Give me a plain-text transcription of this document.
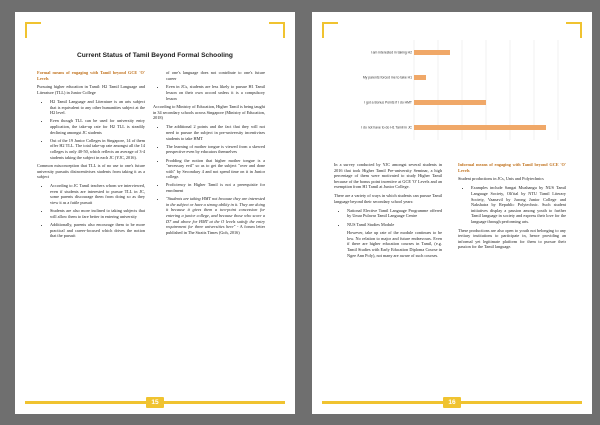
Current Status of Tamil Beyond Formal Schooling

Formal means of engaging with Tamil beyond GCE 'O' Levels

Pursuing higher education in Tamil: H2 Tamil Language and Literature (TLL) in Junior College

• H2 Tamil Language and Literature is an arts subject that is equivalent to any other humanities subject at the H2 level.
• Even though TLL can be used for university entry application, the take-up rate for H2 TLL is steadily declining amongst JC students
• Out of the 19 Junior Colleges in Singapore, 14 of them offer H2 TLL. The total take-up rate amongst all the 14 colleges is only 40-50, which reflects an average of 3-4 students taking the subject in each JC (YJC, 2016).

Common misconception that TLL is of no use to one's future university pursuits disincentivises students from taking it as a subject

• According to JC Tamil teachers whom we interviewed, even if students are interested to pursue TLL in JC, some parents discourage them from doing so as they view it as a futile pursuit
• Students are also more inclined to taking subjects that will allow them to fare better in entering university
• Additionally, parents also encourage them to be more practical and career-focused which drives the notion that the pursuit

of one's language does not contribute to one's future career

• Even in JCs, students are less likely to pursue H1 Tamil lesson on their own accord unless it is a compulsory lesson

According to Ministry of Education, Higher Tamil is being taught in 34 secondary schools across Singapore (Ministry of Education, 2018)

• The additional 2 points and the fact that they will not need to pursue the subject in pre-university incentivises students to take HMT
• The learning of mother tongue is viewed from a skewed perspective even by educators themselves
• Prodding the notion that higher mother tongue is a "necessary evil" so as to get the subject "over and done with" by Secondary 4 and not spend time on it in Junior college.
• Proficiency in Higher Tamil is not a prerequisite for enrolment
• "Students are taking HMT not because they are interested in the subject or have a strong ability in it. They are doing it because it gives them a two-point concession for entering a junior college, and because those who score a D7 and above for HMT at the O levels satisfy the entry requirement for three universities here" - A forum letter published in The Straits Times (Goh, 2016)
15
I am interested in taking H2
My parents forced me to take H1
I got a Bonus Points if I do HMT
I do not have to do H1 Tamil in JC

In a survey conducted by YJC amongst several students in 2016 that took Higher Tamil Pre-university Seminar, a high percentage of them were motivated to study Higher Tamil because of the bonus point incentive at GCE 'O' Levels and an exemption from H1 Tamil at Junior College.

There are a variety of ways in which students can pursue Tamil language beyond their secondary school years:

• National Elective Tamil Language Programme offered by Umar Pulavar Tamil Language Centre
• NUS Tamil Studies Module

However, take up rate of the module continues to be low. No relation to major and future endeavours. Even if there are higher education courses in Tamil, (e.g. Tamil Studies with Early Education Diploma Course in Ngee Ann Poly), not many are aware of such courses.

Informal means of engaging with Tamil beyond GCE 'O' Levels

Student productions in JCs, Unis and Polytechnics

• Examples include Sangai Muzhangu by NUS Tamil Language Society, Oli'ttal by NTU Tamil Literary Society, Vaanavil by Jurong Junior College and Nakshatra by Republic Polytechnic. Such student initiatives display a passion among youth to further Tamil language in society and express their love for the language through performing arts.

These productions are also open to youth not belonging to any tertiary institutions to participate in, hence providing an informal yet legitimate platform for them to pursue their passion for the Tamil language.

16
